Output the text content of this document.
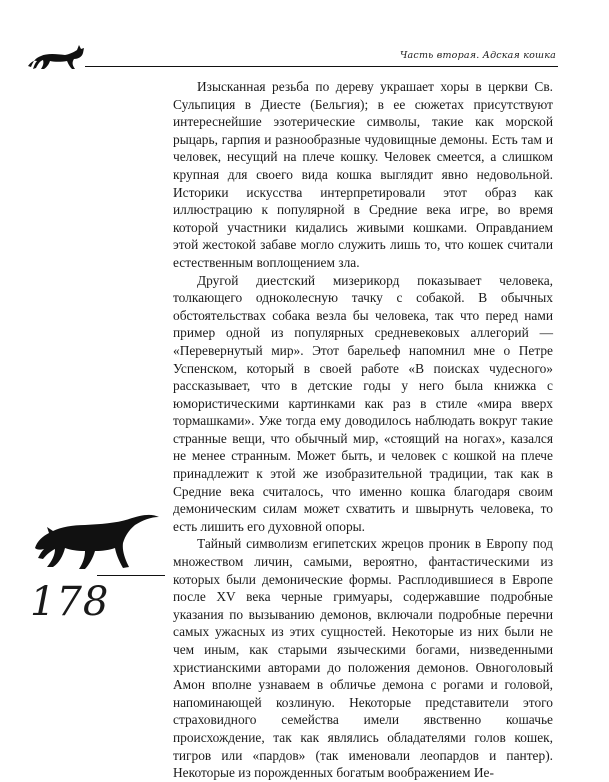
Часть вторая. Адская кошка

Изысканная резьба по дереву украшает хоры в церкви Св. Сульпиция в Диесте (Бельгия); в ее сюжетах присутствуют интереснейшие эзотерические символы, такие как морской рыцарь, гарпия и разнообразные чудовищные демоны. Есть там и человек, несущий на плече кошку. Человек смеется, а слишком крупная для своего вида кошка выглядит явно недовольной. Историки искусства интерпретировали этот образ как иллюстрацию к популярной в Средние века игре, во время которой участники кидались живыми кошками. Оправданием этой жестокой забаве могло служить лишь то, что кошек считали естественным воплощением зла.

Другой диестский мизерикорд показывает человека, толкающего одноколесную тачку с собакой. В обычных обстоятельствах собака везла бы человека, так что перед нами пример одной из популярных средневековых аллегорий — «Перевернутый мир». Этот барельеф напомнил мне о Петре Успенском, который в своей работе «В поисках чудесного» рассказывает, что в детские годы у него была книжка с юмористическими картинками как раз в стиле «мира вверх тормашками». Уже тогда ему доводилось наблюдать вокруг такие странные вещи, что обычный мир, «стоящий на ногах», казался не менее странным. Может быть, и человек с кошкой на плече принадлежит к этой же изобразительной традиции, так как в Средние века считалось, что именно кошка благодаря своим демоническим силам может схватить и швырнуть человека, то есть лишить его духовной опоры.

Тайный символизм египетских жрецов проник в Европу под множеством личин, самыми, вероятно, фантастическими из которых были демонические формы. Расплодившиеся в Европе после XV века черные гримуары, содержавшие подробные указания по вызыванию демонов, включали подробные перечни самых ужасных из этих сущностей. Некоторые из них были не чем иным, как старыми языческими богами, низведенными христианскими авторами до положения демонов. Овноголовый Амон вполне узнаваем в обличье демона с рогами и головой, напоминающей козлиную. Некоторые представители этого страховидного семейства имели явственно кошачье происхождение, так как являлись обладателями голов кошек, тигров или «пардов» (так именовали леопардов и пантер). Некоторые из порожденных богатым воображением Ие-

178
